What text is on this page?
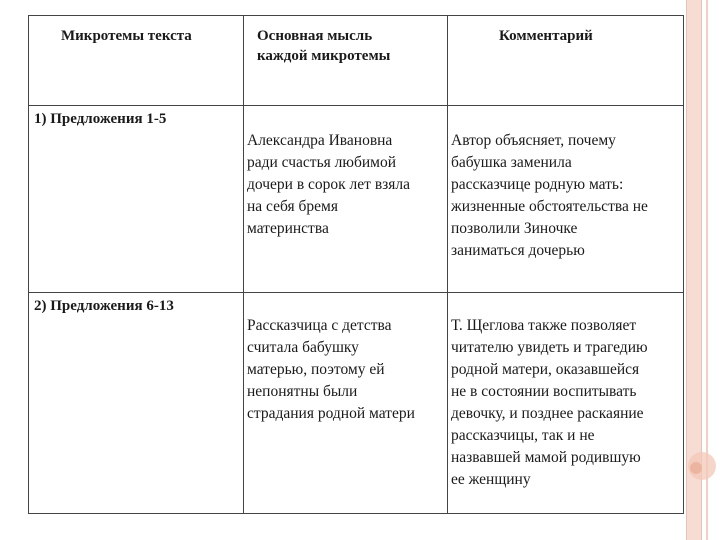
Микротемы текста	Основная мысль
каждой микротемы
Комментарий
1) Предложения 1-5
Александра Ивановна
ради счастья любимой
дочери в сорок лет взяла
на себя бремя
материнства
Автор объясняет, почему
бабушка заменила
рассказчице родную мать:
жизненные обстоятельства не
позволили Зиночке
заниматься дочерью
2) Предложения 6-13
Рассказчица с детства
считала бабушку
матерью, поэтому ей
непонятны были
страдания родной матери
Т. Щеглова также позволяет
читателю увидеть и трагедию
родной матери, оказавшейся
не в состоянии воспитывать
девочку, и позднее раскаяние
рассказчицы, так и не
назвавшей мамой родившую
ее женщину
